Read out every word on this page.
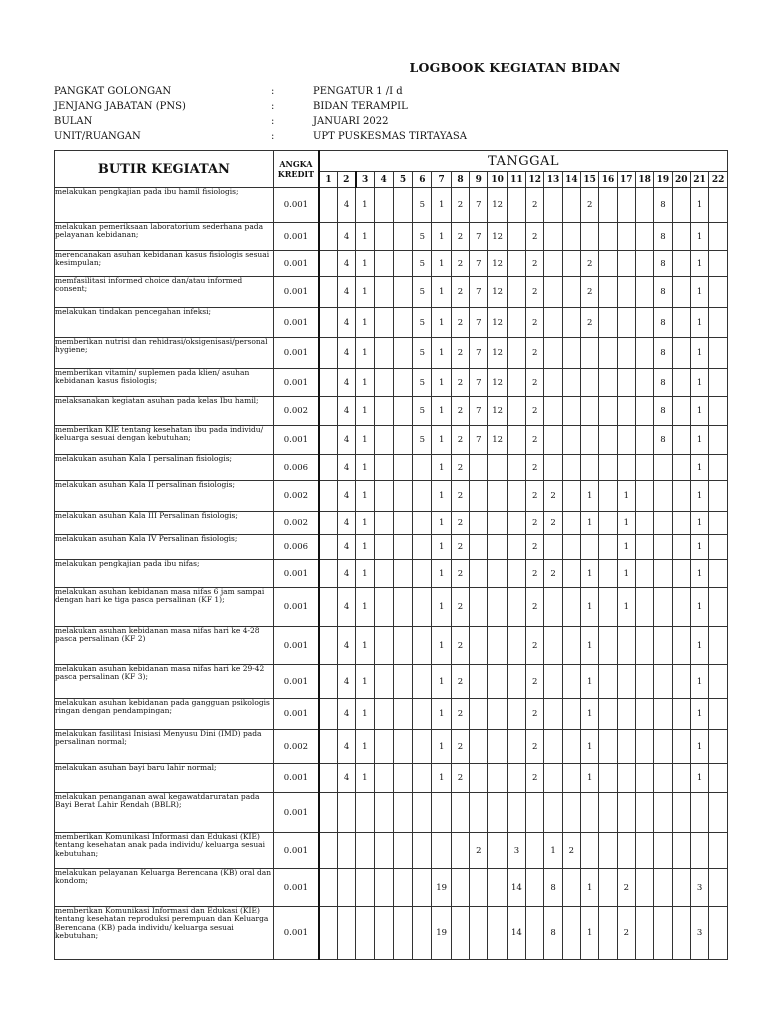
LOGBOOK KEGIATAN BIDAN
PANGKAT GOLONGAN	:	PENGATUR 1 /I d
JENJANG JABATAN (PNS)	:	BIDAN TERAMPIL
BULAN	:	JANUARI 2022
UNIT/RUANGAN	:	UPT PUSKESMAS TIRTAYASA
BUTIR KEGIATAN	ANGKA KREDIT	TANGGAL																					
		1	2	3	4	5	6	7	8	9	10	11	12	13	14	15	16	17	18	19	20	21	22
melakukan pengkajian pada ibu hamil fisiologis;	0.001		4	1			5	1	2	7	12		2			2				8		1	
melakukan pemeriksaan laboratorium sederhana pada pelayanan kebidanan;	0.001		4	1			5	1	2	7	12		2							8		1	
merencanakan asuhan kebidanan kasus fisiologis sesuai kesimpulan;	0.001		4	1			5	1	2	7	12		2			2				8		1	
memfasilitasi informed choice dan/atau informed consent;	0.001		4	1			5	1	2	7	12		2			2				8		1	
melakukan tindakan pencegahan infeksi;	0.001		4	1			5	1	2	7	12		2			2				8		1	
memberikan nutrisi dan rehidrasi/oksigenisasi/personal hygiene;	0.001		4	1			5	1	2	7	12		2							8		1	
memberikan vitamin/ suplemen pada klien/ asuhan kebidanan kasus fisiologis;	0.001		4	1			5	1	2	7	12		2							8		1	
melaksanakan kegiatan asuhan pada kelas Ibu hamil;	0.002		4	1			5	1	2	7	12		2							8		1	
memberikan KIE tentang kesehatan ibu pada individu/ keluarga sesuai dengan kebutuhan;	0.001		4	1			5	1	2	7	12		2							8		1	
melakukan asuhan Kala I persalinan fisiologis;	0.006		4	1				1	2				2									1	
melakukan asuhan Kala II persalinan fisiologis;	0.002		4	1				1	2				2	2		1		1				1	
melakukan asuhan Kala III Persalinan fisiologis;	0.002		4	1				1	2				2	2		1		1				1	
melakukan asuhan Kala IV Persalinan fisiologis;	0.006		4	1				1	2				2					1				1	
melakukan pengkajian pada ibu nifas;	0.001		4	1				1	2				2	2		1		1				1	
melakukan asuhan kebidanan masa nifas 6 jam sampai dengan hari ke tiga pasca persalinan (KF 1);	0.001		4	1				1	2				2			1		1				1	
melakukan asuhan kebidanan masa nifas hari ke 4-28 pasca persalinan (KF 2)	0.001		4	1				1	2				2			1						1	
melakukan asuhan kebidanan masa nifas hari ke 29-42 pasca persalinan (KF 3);	0.001		4	1				1	2				2			1						1	
melakukan asuhan kebidanan pada gangguan psikologis ringan dengan pendampingan;	0.001		4	1				1	2				2			1						1	
melakukan fasilitasi Inisiasi Menyusu Dini (IMD) pada persalinan normal;	0.002		4	1				1	2				2			1						1	
melakukan asuhan bayi baru lahir normal;	0.001		4	1				1	2				2			1						1	
melakukan penanganan awal kegawatdaruratan pada Bayi Berat Lahir Rendah (BBLR);	0.001																						
memberikan Komunikasi Informasi dan Edukasi (KIE) tentang kesehatan anak pada individu/ keluarga sesuai kebutuhan;	0.001									2		3		1	2								
melakukan pelayanan Keluarga Berencana (KB) oral dan kondom;	0.001							19				14		8		1		2				3	
memberikan Komunikasi Informasi dan Edukasi (KIE) tentang kesehatan reproduksi perempuan dan Keluarga Berencana (KB) pada individu/ keluarga sesuai kebutuhan;	0.001							19				14		8		1		2				3	
